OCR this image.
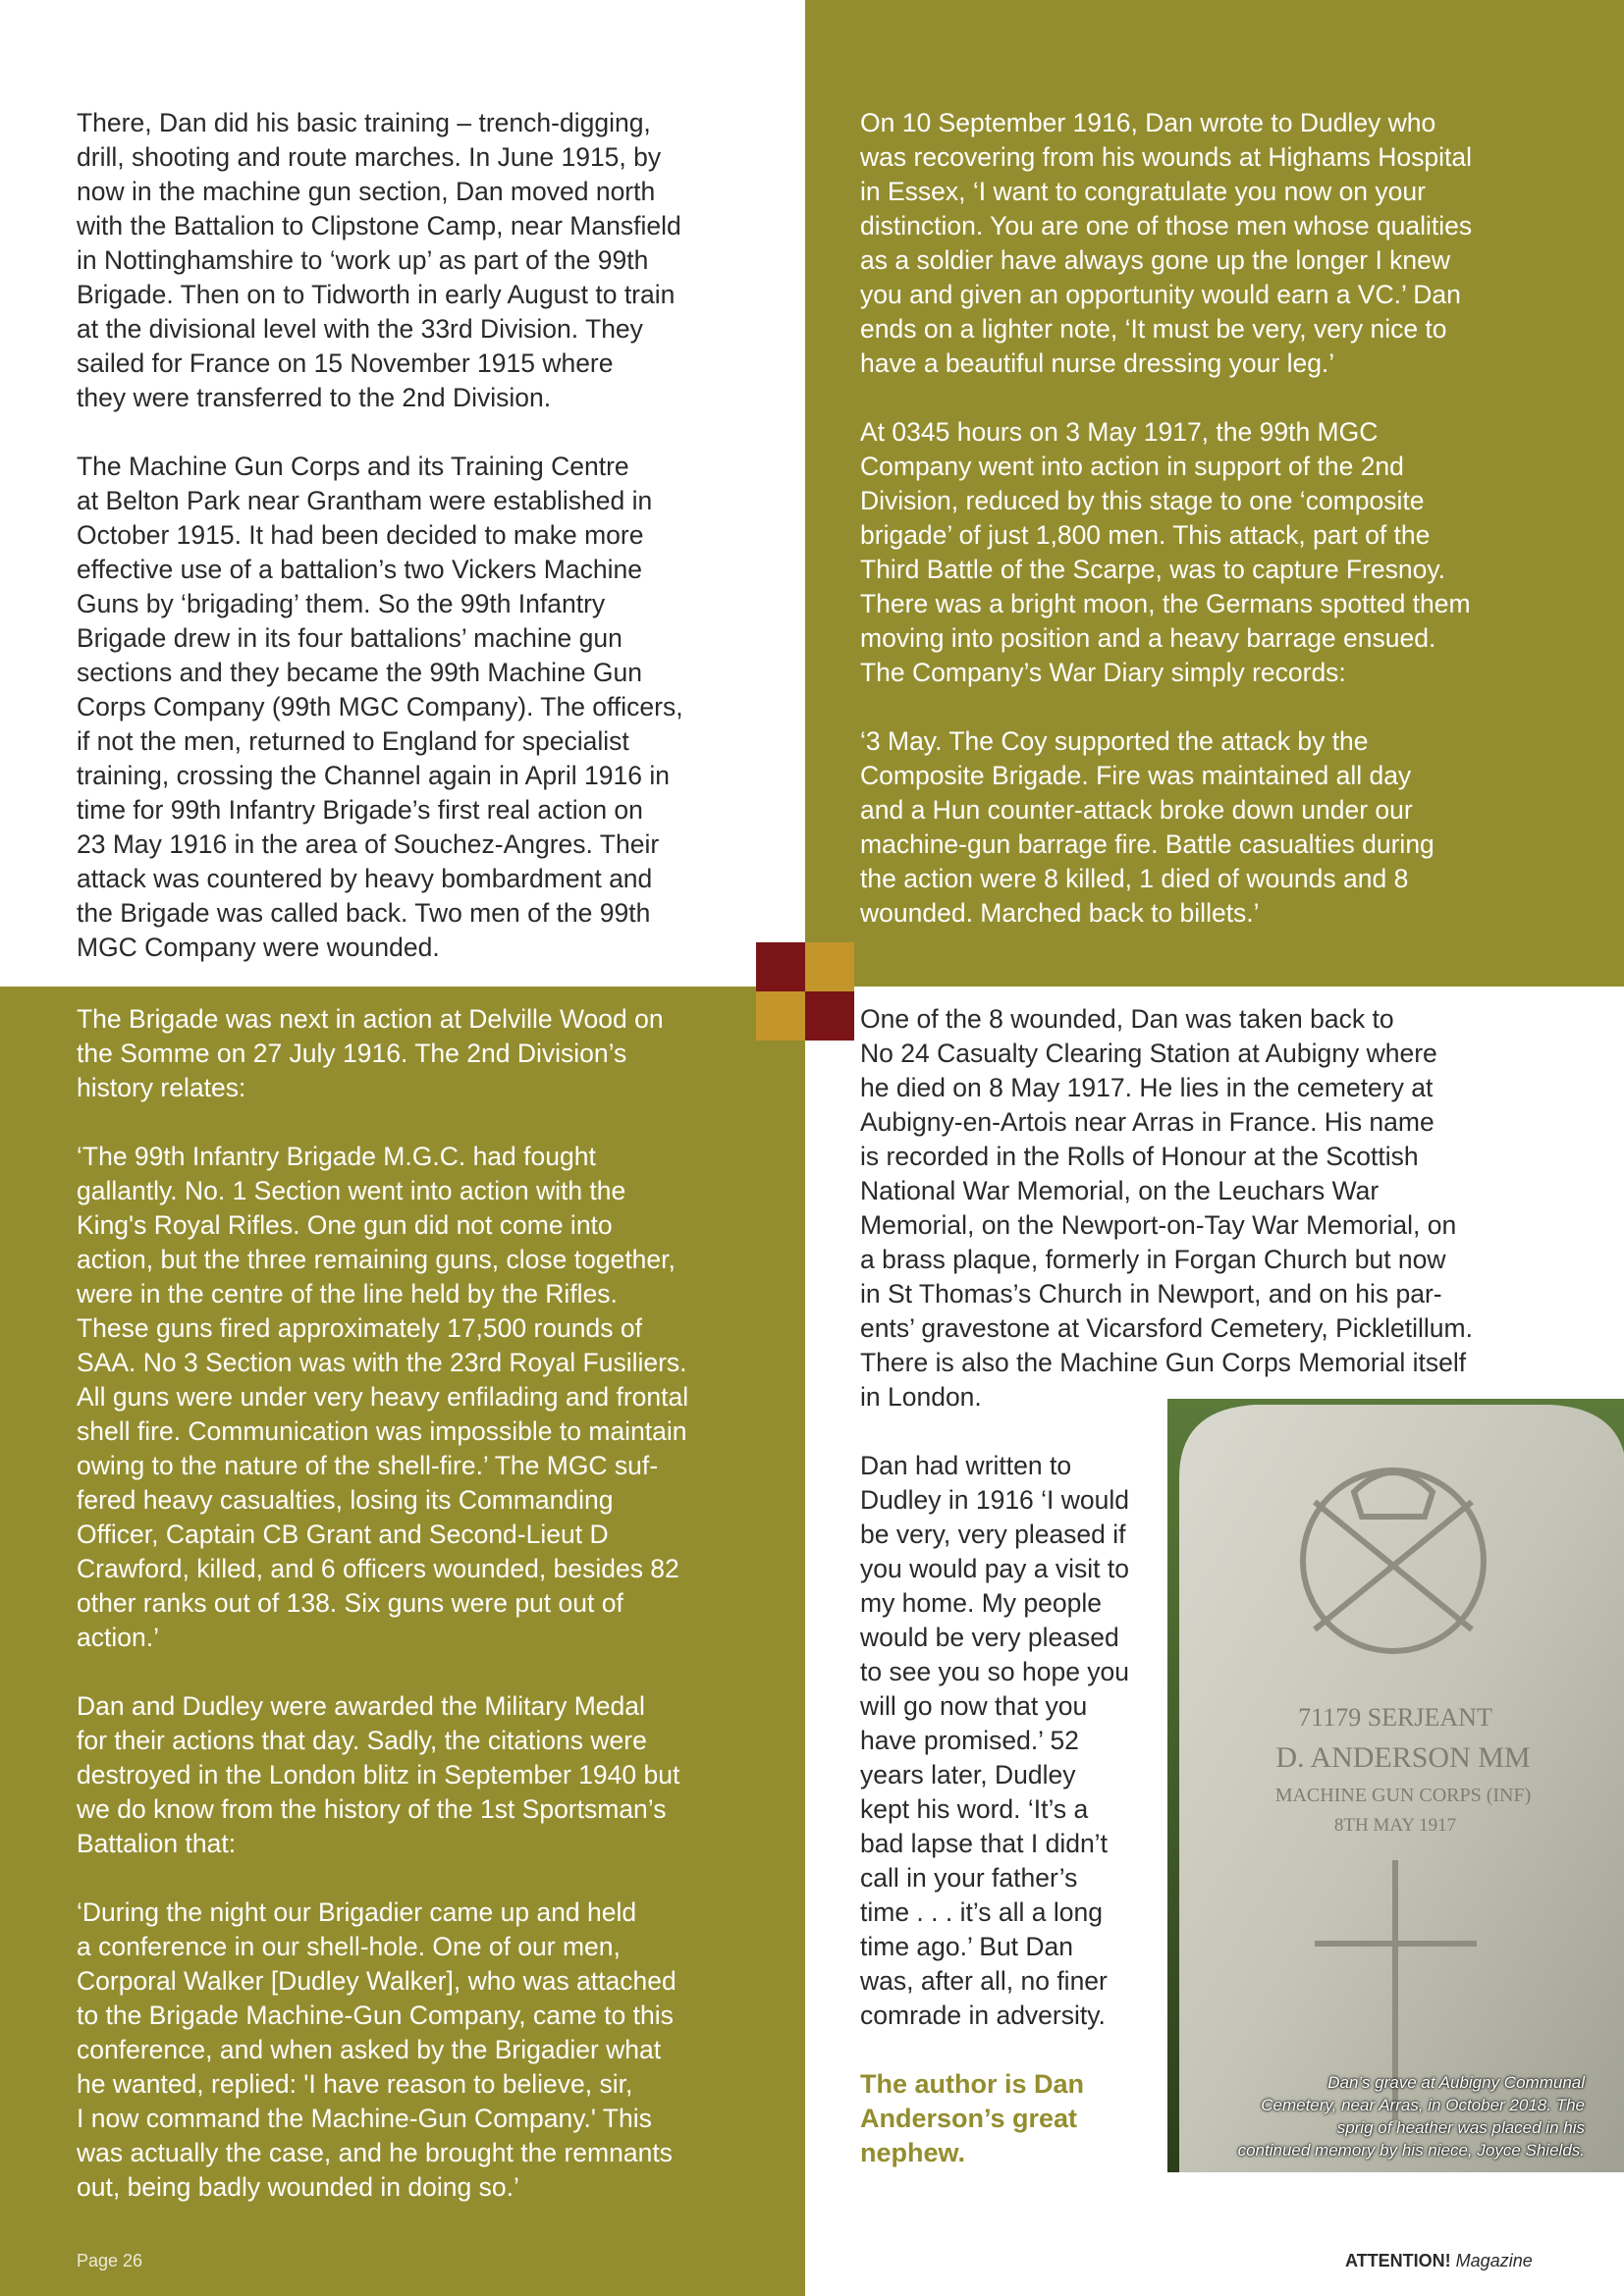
There, Dan did his basic training – trench-digging,
drill, shooting and route marches. In June 1915, by
now in the machine gun section, Dan moved north
with the Battalion to Clipstone Camp, near Mansfield
in Nottinghamshire to ‘work up’ as part of the 99th
Brigade. Then on to Tidworth in early August to train
at the divisional level with the 33rd Division. They
sailed for France on 15 November 1915 where
they were transferred to the 2nd Division.

The Machine Gun Corps and its Training Centre
at Belton Park near Grantham were established in
October 1915. It had been decided to make more
effective use of a battalion’s two Vickers Machine
Guns by ‘brigading’ them. So the 99th Infantry
Brigade drew in its four battalions’ machine gun
sections and they became the 99th Machine Gun
Corps Company (99th MGC Company). The officers,
if not the men, returned to England for specialist
training, crossing the Channel again in April 1916 in
time for 99th Infantry Brigade’s first real action on
23 May 1916 in the area of Souchez-Angres. Their
attack was countered by heavy bombardment and
the Brigade was called back. Two men of the 99th
MGC Company were wounded.

On 10 September 1916, Dan wrote to Dudley who
was recovering from his wounds at Highams Hospital
in Essex, ‘I want to congratulate you now on your
distinction. You are one of those men whose qualities
as a soldier have always gone up the longer I knew
you and given an opportunity would earn a VC.’ Dan
ends on a lighter note, ‘It must be very, very nice to
have a beautiful nurse dressing your leg.’

At 0345 hours on 3 May 1917, the 99th MGC
Company went into action in support of the 2nd
Division, reduced by this stage to one ‘composite
brigade’ of just 1,800 men. This attack, part of the
Third Battle of the Scarpe, was to capture Fresnoy.
There was a bright moon, the Germans spotted them
moving into position and a heavy barrage ensued.
The Company’s War Diary simply records:

‘3 May. The Coy supported the attack by the
Composite Brigade. Fire was maintained all day
and a Hun counter-attack broke down under our
machine-gun barrage fire. Battle casualties during
the action were 8 killed, 1 died of wounds and 8
wounded. Marched back to billets.’

The Brigade was next in action at Delville Wood on
the Somme on 27 July 1916. The 2nd Division’s
history relates:

‘The 99th Infantry Brigade M.G.C. had fought
gallantly. No. 1 Section went into action with the
King's Royal Rifles. One gun did not come into
action, but the three remaining guns, close together,
were in the centre of the line held by the Rifles.
These guns fired approximately 17,500 rounds of
SAA. No 3 Section was with the 23rd Royal Fusiliers.
All guns were under very heavy enfilading and frontal
shell fire. Communication was impossible to maintain
owing to the nature of the shell-fire.’ The MGC suf-
fered heavy casualties, losing its Commanding
Officer, Captain CB Grant and Second-Lieut D
Crawford, killed, and 6 officers wounded, besides 82
other ranks out of 138. Six guns were put out of
action.’

Dan and Dudley were awarded the Military Medal
for their actions that day. Sadly, the citations were
destroyed in the London blitz in September 1940 but
we do know from the history of the 1st Sportsman’s
Battalion that:

‘During the night our Brigadier came up and held
a conference in our shell-hole. One of our men,
Corporal Walker [Dudley Walker], who was attached
to the Brigade Machine-Gun Company, came to this
conference, and when asked by the Brigadier what
he wanted, replied: 'I have reason to believe, sir,
I now command the Machine-Gun Company.' This
was actually the case, and he brought the remnants
out, being badly wounded in doing so.’

One of the 8 wounded, Dan was taken back to
No 24 Casualty Clearing Station at Aubigny where
he died on 8 May 1917. He lies in the cemetery at
Aubigny-en-Artois near Arras in France. His name
is recorded in the Rolls of Honour at the Scottish
National War Memorial, on the Leuchars War
Memorial, on the Newport-on-Tay War Memorial, on
a brass plaque, formerly in Forgan Church but now
in St Thomas’s Church in Newport, and on his par-
ents’ gravestone at Vicarsford Cemetery, Pickletillum.
There is also the Machine Gun Corps Memorial itself
in London.

Dan had written to
Dudley in 1916 ‘I would
be very, very pleased if
you would pay a visit to
my home. My people
would be very pleased
to see you so hope you
will go now that you
have promised.’ 52
years later, Dudley
kept his word. ‘It’s a
bad lapse that I didn’t
call in your father’s
time . . . it’s all a long
time ago.’ But Dan
was, after all, no finer
comrade in adversity.

The author is Dan
Anderson’s great
nephew.

71179 SERJEANT
D. ANDERSON MM
MACHINE GUN CORPS (INF)
8TH MAY 1917
Dan’s grave at Aubigny Communal
Cemetery, near Arras, in October 2018. The
sprig of heather was placed in his
continued memory by his niece, Joyce Shields.
Page 26	ATTENTION! Magazine
